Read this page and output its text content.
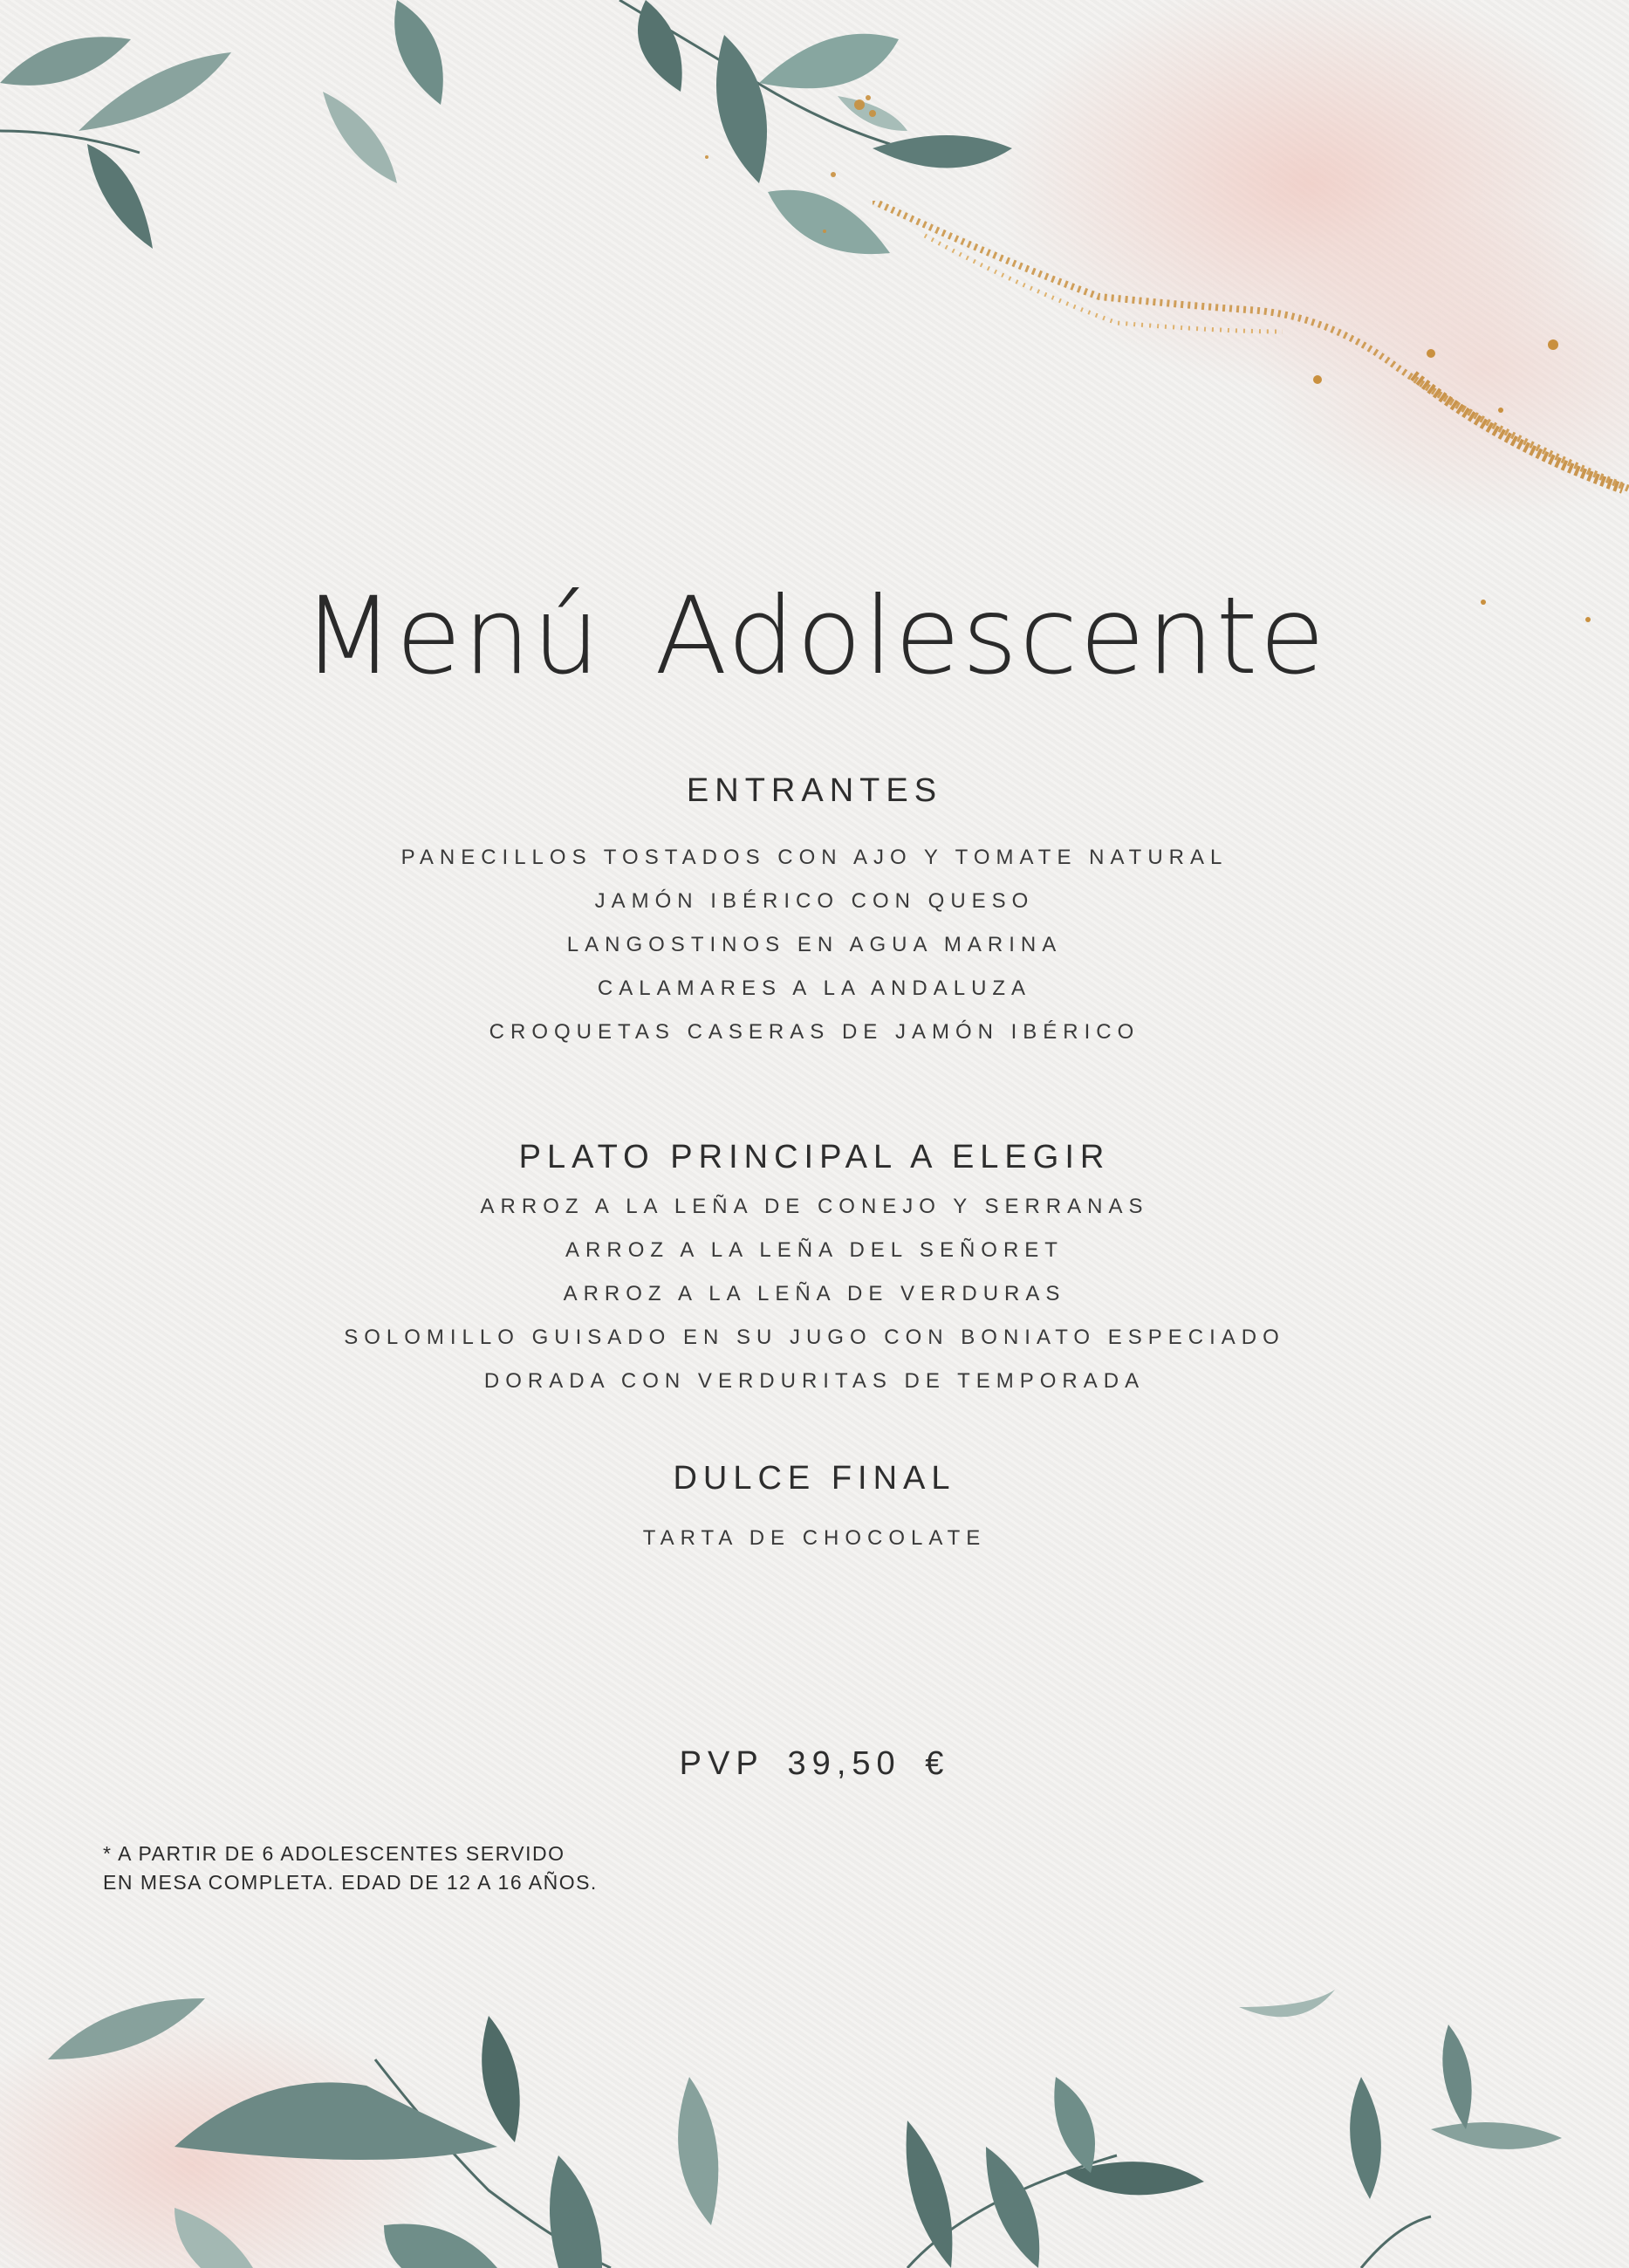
Menú Adolescente
ENTRANTES
PANECILLOS TOSTADOS CON AJO Y TOMATE NATURAL
JAMÓN IBÉRICO CON QUESO
LANGOSTINOS EN AGUA MARINA
CALAMARES A LA ANDALUZA
CROQUETAS CASERAS DE JAMÓN IBÉRICO
PLATO PRINCIPAL A ELEGIR
ARROZ A LA LEÑA DE CONEJO Y SERRANAS
ARROZ A LA LEÑA DEL SEÑORET
ARROZ A LA LEÑA DE VERDURAS
SOLOMILLO GUISADO EN SU JUGO CON BONIATO ESPECIADO
DORADA CON VERDURITAS DE TEMPORADA
DULCE FINAL
TARTA DE CHOCOLATE
PVP 39,50 €
* A PARTIR DE 6 ADOLESCENTES SERVIDO
EN MESA COMPLETA. EDAD DE 12 A 16 AÑOS.
